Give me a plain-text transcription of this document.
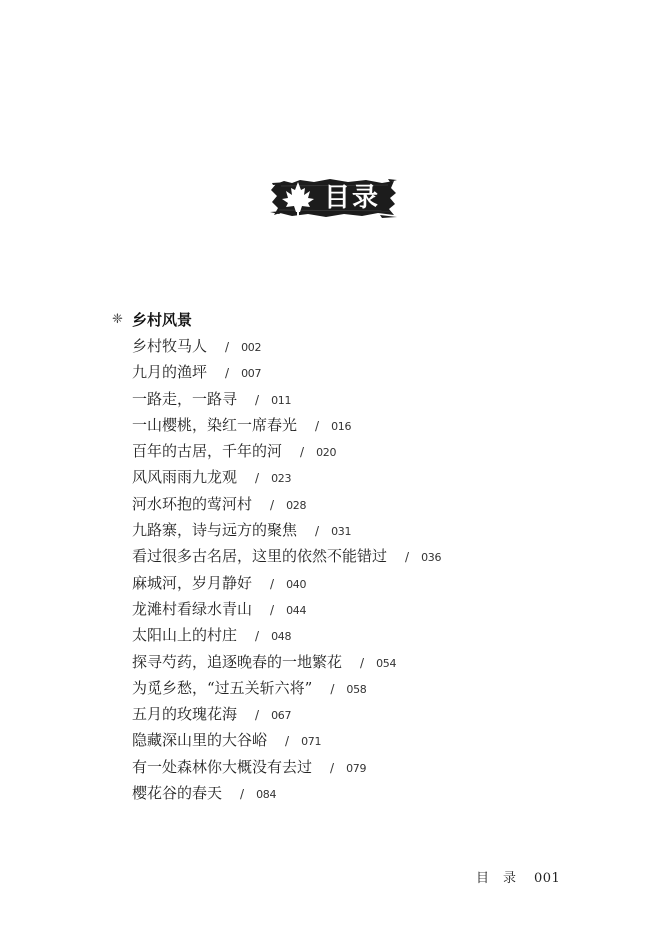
目录
❈ 乡村风景
乡村牧马人 / 002
九月的渔坪 / 007
一路走，一路寻 / 011
一山樱桃，染红一席春光 / 016
百年的古居，千年的河 / 020
风风雨雨九龙观 / 023
河水环抱的莺河村 / 028
九路寨，诗与远方的聚焦 / 031
看过很多古名居，这里的依然不能错过 / 036
麻城河，岁月静好 / 040
龙滩村看绿水青山 / 044
太阳山上的村庄 / 048
探寻芍药，追逐晚春的一地繁花 / 054
为觅乡愁，“过五关斩六将” / 058
五月的玫瑰花海 / 067
隐藏深山里的大谷峪 / 071
有一处森林你大概没有去过 / 079
樱花谷的春天 / 084
目录 001
